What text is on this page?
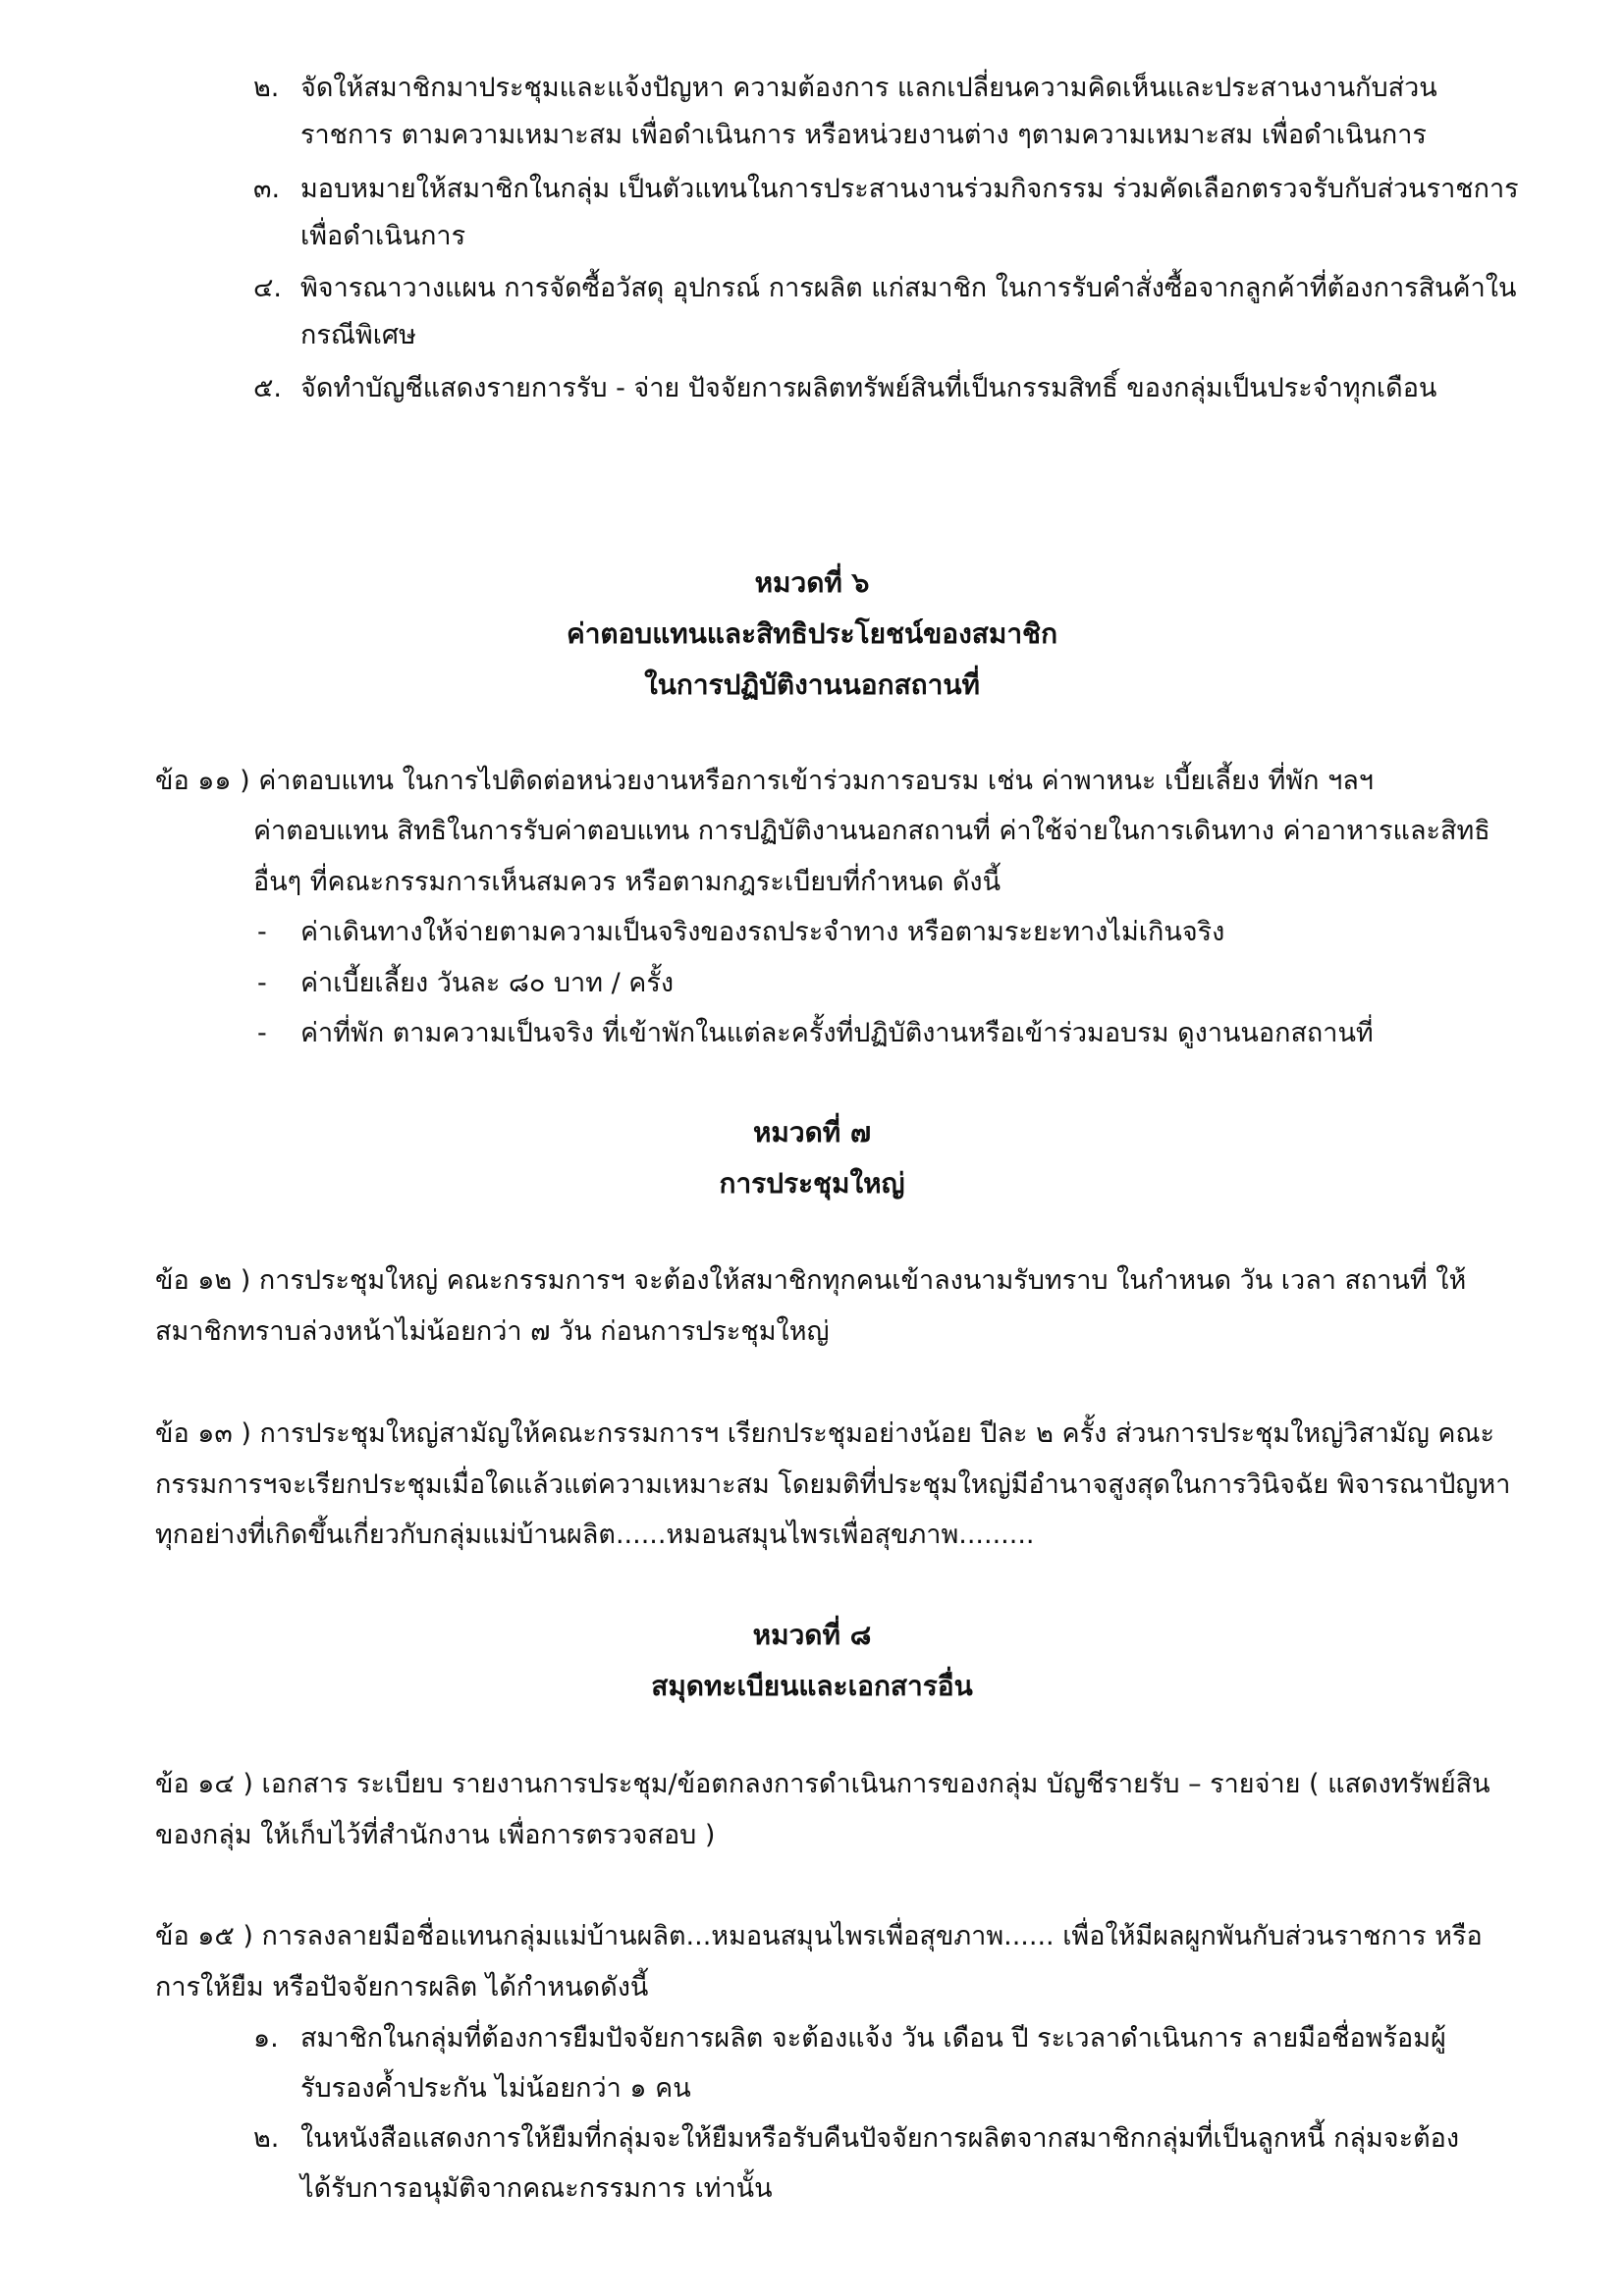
๒. จัดให้สมาชิกมาประชุมและแจ้งปัญหา ความต้องการ แลกเปลี่ยนความคิดเห็นและประสานงานกับส่วน
ราชการ ตามความเหมาะสม เพื่อดำเนินการ หรือหน่วยงานต่าง ๆตามความเหมาะสม เพื่อดำเนินการ
๓. มอบหมายให้สมาชิกในกลุ่ม เป็นตัวแทนในการประสานงานร่วมกิจกรรม ร่วมคัดเลือกตรวจรับกับส่วนราชการ
เพื่อดำเนินการ
๔. พิจารณาวางแผน การจัดซื้อวัสดุ อุปกรณ์ การผลิต แก่สมาชิก ในการรับคำสั่งซื้อจากลูกค้าที่ต้องการสินค้าใน
กรณีพิเศษ
๕. จัดทำบัญชีแสดงรายการรับ - จ่าย ปัจจัยการผลิตทรัพย์สินที่เป็นกรรมสิทธิ์ ของกลุ่มเป็นประจำทุกเดือน
หมวดที่ ๖
ค่าตอบแทนและสิทธิประโยชน์ของสมาชิก
ในการปฏิบัติงานนอกสถานที่
ข้อ ๑๑ ) ค่าตอบแทน ในการไปติดต่อหน่วยงานหรือการเข้าร่วมการอบรม เช่น ค่าพาหนะ เบี้ยเลี้ยง ที่พัก ฯลฯ
ค่าตอบแทน สิทธิในการรับค่าตอบแทน การปฏิบัติงานนอกสถานที่ ค่าใช้จ่ายในการเดินทาง ค่าอาหารและสิทธิ
อื่นๆ ที่คณะกรรมการเห็นสมควร หรือตามกฎระเบียบที่กำหนด ดังนี้
- ค่าเดินทางให้จ่ายตามความเป็นจริงของรถประจำทาง หรือตามระยะทางไม่เกินจริง
- ค่าเบี้ยเลี้ยง วันละ ๘๐ บาท / ครั้ง
- ค่าที่พัก ตามความเป็นจริง ที่เข้าพักในแต่ละครั้งที่ปฏิบัติงานหรือเข้าร่วมอบรม ดูงานนอกสถานที่
หมวดที่ ๗
การประชุมใหญ่
ข้อ ๑๒ ) การประชุมใหญ่ คณะกรรมการฯ จะต้องให้สมาชิกทุกคนเข้าลงนามรับทราบ ในกำหนด วัน เวลา สถานที่ ให้
สมาชิกทราบล่วงหน้าไม่น้อยกว่า ๗ วัน ก่อนการประชุมใหญ่
ข้อ ๑๓ ) การประชุมใหญ่สามัญให้คณะกรรมการฯ เรียกประชุมอย่างน้อย ปีละ ๒ ครั้ง ส่วนการประชุมใหญ่วิสามัญ คณะ
กรรมการฯจะเรียกประชุมเมื่อใดแล้วแต่ความเหมาะสม โดยมติที่ประชุมใหญ่มีอำนาจสูงสุดในการวินิจฉัย พิจารณาปัญหา
ทุกอย่างที่เกิดขึ้นเกี่ยวกับกลุ่มแม่บ้านผลิต......หมอนสมุนไพรเพื่อสุขภาพ.........
หมวดที่ ๘
สมุดทะเบียนและเอกสารอื่น
ข้อ ๑๔ ) เอกสาร ระเบียบ รายงานการประชุม/ข้อตกลงการดำเนินการของกลุ่ม บัญชีรายรับ – รายจ่าย ( แสดงทรัพย์สิน
ของกลุ่ม ให้เก็บไว้ที่สำนักงาน เพื่อการตรวจสอบ )
ข้อ ๑๕ ) การลงลายมือชื่อแทนกลุ่มแม่บ้านผลิต...หมอนสมุนไพรเพื่อสุขภาพ...... เพื่อให้มีผลผูกพันกับส่วนราชการ หรือ
การให้ยืม หรือปัจจัยการผลิต ได้กำหนดดังนี้
๑. สมาชิกในกลุ่มที่ต้องการยืมปัจจัยการผลิต จะต้องแจ้ง วัน เดือน ปี ระเวลาดำเนินการ ลายมือชื่อพร้อมผู้
รับรองค้ำประกัน ไม่น้อยกว่า ๑ คน
๒. ในหนังสือแสดงการให้ยืมที่กลุ่มจะให้ยืมหรือรับคืนปัจจัยการผลิตจากสมาชิกกลุ่มที่เป็นลูกหนี้ กลุ่มจะต้อง
ได้รับการอนุมัติจากคณะกรรมการ เท่านั้น
